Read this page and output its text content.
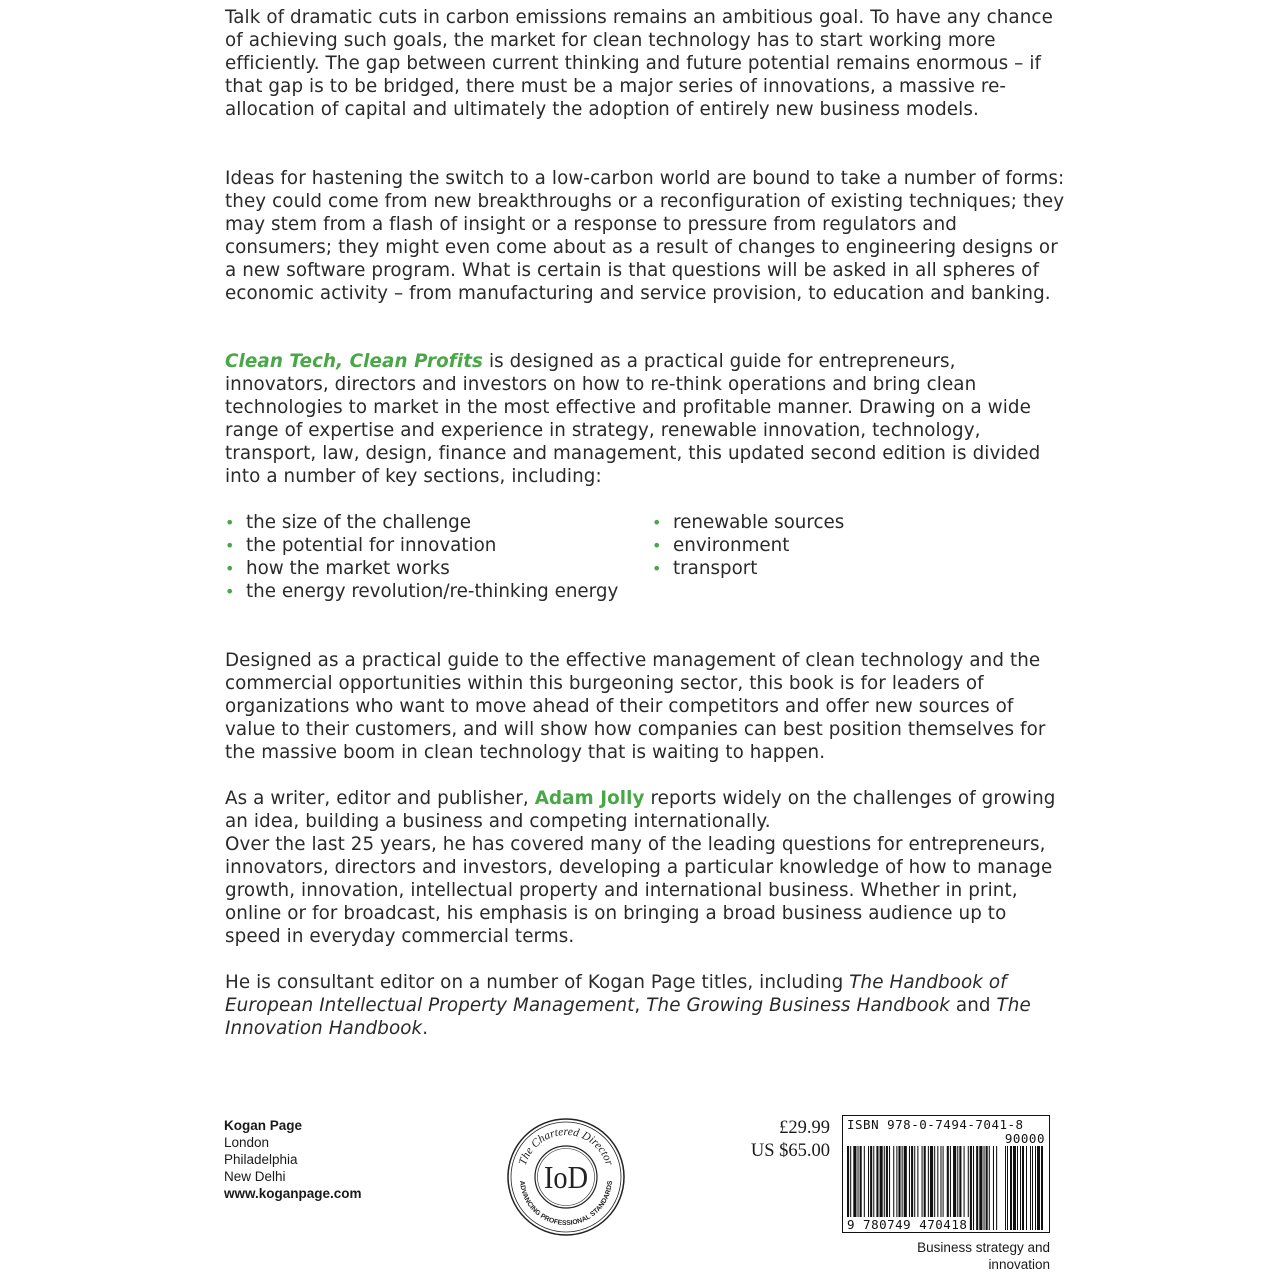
Talk of dramatic cuts in carbon emissions remains an ambitious goal. To have any chance of achieving such goals, the market for clean technology has to start working more efficiently. The gap between current thinking and future potential remains enormous – if that gap is to be bridged, there must be a major series of innovations, a massive re-allocation of capital and ultimately the adoption of entirely new business models.

Ideas for hastening the switch to a low-carbon world are bound to take a number of forms: they could come from new breakthroughs or a reconfiguration of existing techniques; they may stem from a flash of insight or a response to pressure from regulators and consumers; they might even come about as a result of changes to engineering designs or a new software program. What is certain is that questions will be asked in all spheres of economic activity – from manufacturing and service provision, to education and banking.

Clean Tech, Clean Profits is designed as a practical guide for entrepreneurs, innovators, directors and investors on how to re-think operations and bring clean technologies to market in the most effective and profitable manner. Drawing on a wide range of expertise and experience in strategy, renewable innovation, technology, transport, law, design, finance and management, this updated second edition is divided into a number of key sections, including:

• the size of the challenge
• the potential for innovation
• how the market works
• the energy revolution/re-thinking energy
• renewable sources
• environment
• transport

Designed as a practical guide to the effective management of clean technology and the commercial opportunities within this burgeoning sector, this book is for leaders of organizations who want to move ahead of their competitors and offer new sources of value to their customers, and will show how companies can best position themselves for the massive boom in clean technology that is waiting to happen.

As a writer, editor and publisher, Adam Jolly reports widely on the challenges of growing an idea, building a business and competing internationally.

Over the last 25 years, he has covered many of the leading questions for entrepreneurs, innovators, directors and investors, developing a particular knowledge of how to manage growth, innovation, intellectual property and international business. Whether in print, online or for broadcast, his emphasis is on bringing a broad business audience up to speed in everyday commercial terms.

He is consultant editor on a number of Kogan Page titles, including The Handbook of European Intellectual Property Management, The Growing Business Handbook and The Innovation Handbook.

Kogan Page
London
Philadelphia
New Delhi
www.koganpage.com
The Chartered Director
ADVANCING PROFESSIONAL STANDARDS
IoD
£29.99
US $65.00
ISBN 978-0-7494-7041-8
90000
9 780749 470418
Business strategy and innovation
